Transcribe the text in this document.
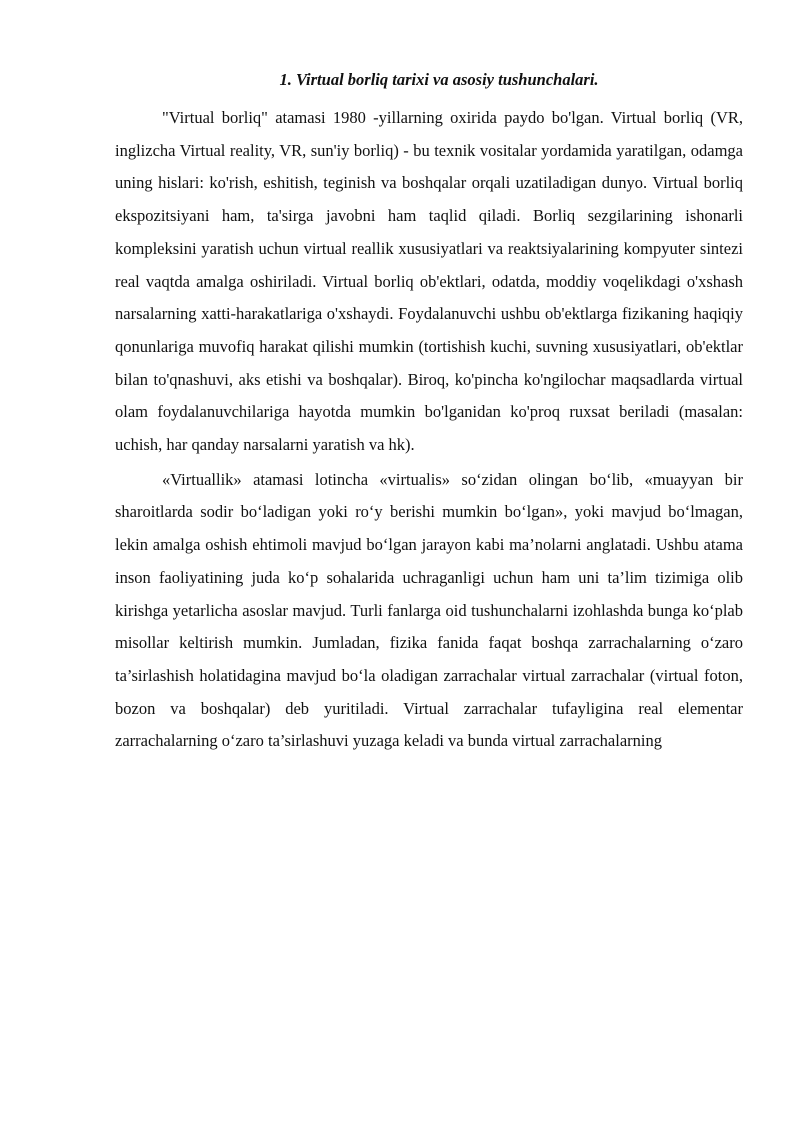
1. Virtual borliq tarixi va asosiy tushunchalari.

"Virtual borliq" atamasi 1980 -yillarning oxirida paydo bo'lgan. Virtual borliq (VR, inglizcha Virtual reality, VR, sun'iy borliq) - bu texnik vositalar yordamida yaratilgan, odamga uning hislari: ko'rish, eshitish, teginish va boshqalar orqali uzatiladigan dunyo. Virtual borliq ekspozitsiyani ham, ta'sirga javobni ham taqlid qiladi. Borliq sezgilarining ishonarli kompleksini yaratish uchun virtual reallik xususiyatlari va reaktsiyalarining kompyuter sintezi real vaqtda amalga oshiriladi. Virtual borliq ob'ektlari, odatda, moddiy voqelikdagi o'xshash narsalarning xatti-harakatlariga o'xshaydi. Foydalanuvchi ushbu ob'ektlarga fizikaning haqiqiy qonunlariga muvofiq harakat qilishi mumkin (tortishish kuchi, suvning xususiyatlari, ob'ektlar bilan to'qnashuvi, aks etishi va boshqalar). Biroq, ko'pincha ko'ngilochar maqsadlarda virtual olam foydalanuvchilariga hayotda mumkin bo'lganidan ko'proq ruxsat beriladi (masalan: uchish, har qanday narsalarni yaratish va hk).

«Virtuallik» atamasi lotincha «virtualis» so‘zidan olingan bo‘lib, «muayyan bir sharoitlarda sodir bo‘ladigan yoki ro‘y berishi mumkin bo‘lgan», yoki mavjud bo‘lmagan, lekin amalga oshish ehtimoli mavjud bo‘lgan jarayon kabi ma’nolarni anglatadi. Ushbu atama inson faoliyatining juda ko‘p sohalarida uchraganligi uchun ham uni ta’lim tizimiga olib kirishga yetarlicha asoslar mavjud. Turli fanlarga oid tushunchalarni izohlashda bunga ko‘plab misollar keltirish mumkin. Jumladan, fizika fanida faqat boshqa zarrachalarning o‘zaro ta’sirlashish holatidagina mavjud bo‘la oladigan zarrachalar virtual zarrachalar (virtual foton, bozon va boshqalar) deb yuritiladi. Virtual zarrachalar tufayligina real elementar zarrachalarning o‘zaro ta’sirlashuvi yuzaga keladi va bunda virtual zarrachalarning
